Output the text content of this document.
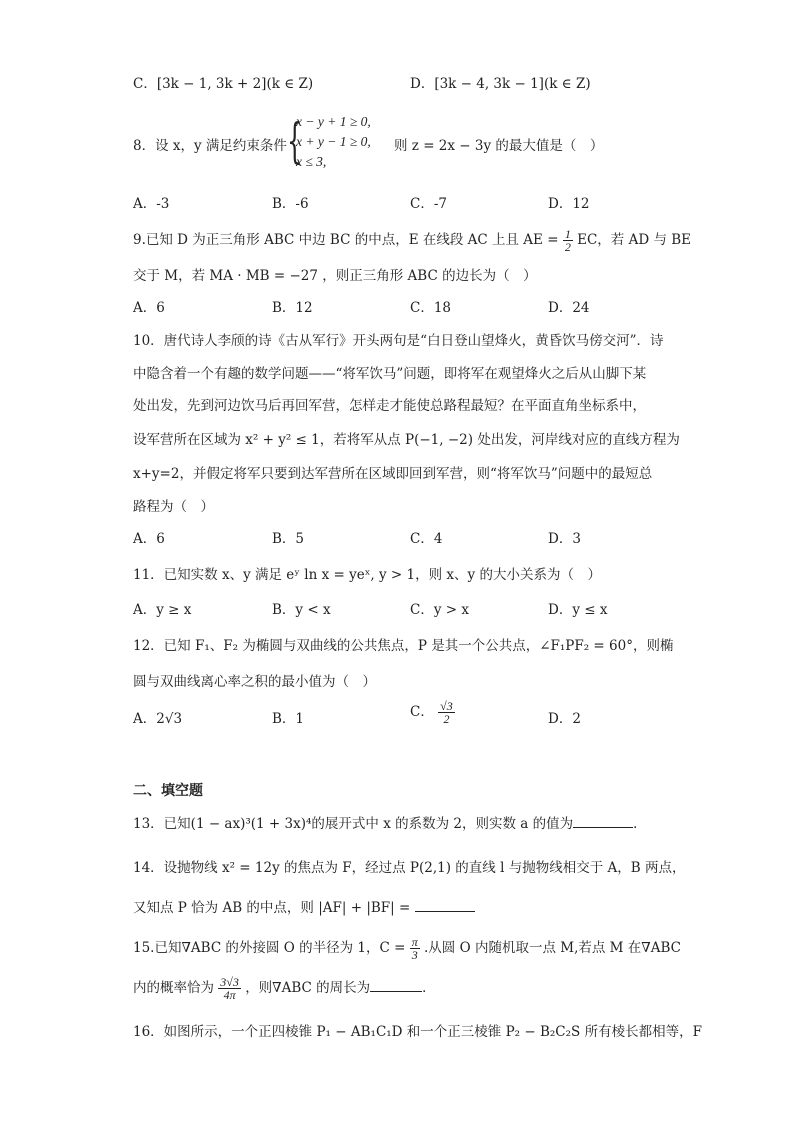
C．[3k − 1, 3k + 2](k ∈ Z)	D．[3k − 4, 3k − 1](k ∈ Z)
8．设 x，y 满足约束条件 {
x − y + 1 ≥ 0,
x + y − 1 ≥ 0,
x ≤ 3,
则 z = 2x − 3y 的最大值是（　）
A．-3	B．-6	C．-7	D．12
9.已知 D 为正三角形 ABC 中边 BC 的中点，E 在线段 AC 上且 AE = $\frac{1}{2}$ EC，若 AD 与 BE
交于 M，若 MA · MB = −27 ，则正三角形 ABC 的边长为（　）
A．6	B．12	C．18	D．24
10．唐代诗人李颀的诗《古从军行》开头两句是“白日登山望烽火，黄昏饮马傍交河”．诗
中隐含着一个有趣的数学问题——“将军饮马”问题，即将军在观望烽火之后从山脚下某
处出发，先到河边饮马后再回军营，怎样走才能使总路程最短？在平面直角坐标系中，
设军营所在区域为 x² + y² ≤ 1，若将军从点 P(−1, −2) 处出发，河岸线对应的直线方程为
x+y=2，并假定将军只要到达军营所在区域即回到军营，则“将军饮马”问题中的最短总
路程为（　）
A．6	B．5	C．4	D．3
11．已知实数 x、y 满足 eʸ ln x = yeˣ, y > 1，则 x、y 的大小关系为（　）
A．y ≥ x	B．y < x	C．y > x	D．y ≤ x
12．已知 F₁、F₂ 为椭圆与双曲线的公共焦点，P 是其一个公共点，∠F₁PF₂ = 60°，则椭
圆与双曲线离心率之积的最小值为（　）
A．2√3	B．1	C． $\frac{√3}{2}$	D．2
二、填空题
13．已知(1 − ax)³(1 + 3x)⁴的展开式中 x 的系数为 2，则实数 a 的值为	．
14．设抛物线 x² = 12y 的焦点为 F，经过点 P(2,1) 的直线 l 与抛物线相交于 A，B 两点，
又知点 P 恰为 AB 的中点，则 |AF| + |BF| =
15.已知∇ABC 的外接圆 O 的半径为 1，$C = \frac{\pi}{3}$ .从圆 O 内随机取一点 M,若点 M 在∇ABC
内的概率恰为 $\frac{3√3}{4\pi}$ ，则∇ABC 的周长为	．
16．如图所示，一个正四棱锥 P₁ − AB₁C₁D 和一个正三棱锥 P₂ − B₂C₂S 所有棱长都相等，F
